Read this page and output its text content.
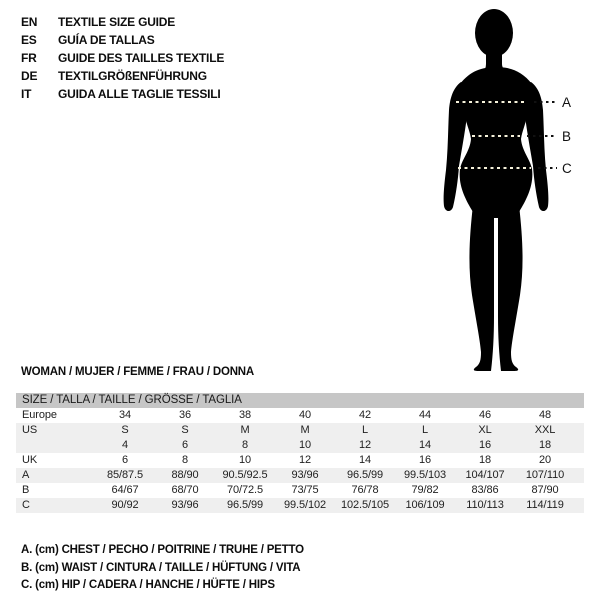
EN	TEXTILE SIZE GUIDE
ES	GUÍA DE TALLAS
FR	GUIDE DES TAILLES TEXTILE
DE	TEXTILGRÖßENFÜHRUNG
IT	GUIDA ALLE TAGLIE TESSILI
A
B
C
WOMAN / MUJER / FEMME / FRAU / DONNA
SIZE / TALLA / TAILLE / GRÖSSE / TAGLIA
Europe	34	36	38	40	42	44	46	48
US	S	S	M	M	L	L	XL	XXL
4	6	8	10	12	14	16	18
UK	6	8	10	12	14	16	18	20
A	85/87.5	88/90	90.5/92.5	93/96	96.5/99	99.5/103	104/107	107/110
B	64/67	68/70	70/72.5	73/75	76/78	79/82	83/86	87/90
C	90/92	93/96	96.5/99	99.5/102	102.5/105	106/109	110/113	114/119
A. (cm) CHEST / PECHO / POITRINE / TRUHE / PETTO
B. (cm) WAIST / CINTURA / TAILLE / HÜFTUNG / VITA
C. (cm) HIP / CADERA / HANCHE / HÜFTE / HIPS
